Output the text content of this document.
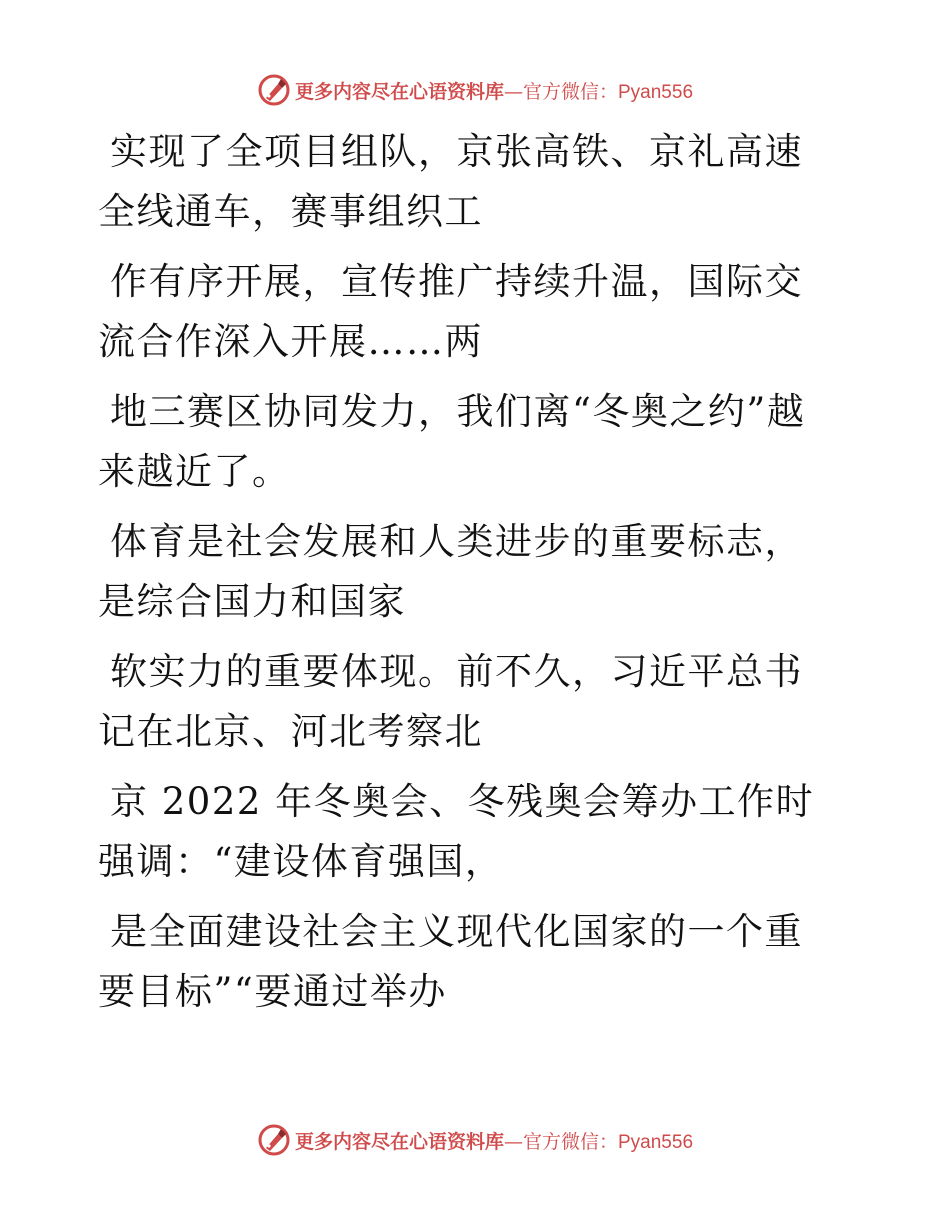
更多内容尽在心语资料库—官方微信：Pyan556

实现了全项目组队，京张高铁、京礼高速全线通车，赛事组织工

作有序开展，宣传推广持续升温，国际交流合作深入开展……两

地三赛区协同发力，我们离“冬奥之约”越来越近了。

体育是社会发展和人类进步的重要标志，是综合国力和国家

软实力的重要体现。前不久，习近平总书记在北京、河北考察北

京 2022 年冬奥会、冬残奥会筹办工作时强调：“建设体育强国，

是全面建设社会主义现代化国家的一个重要目标”“要通过举办

更多内容尽在心语资料库—官方微信：Pyan556
